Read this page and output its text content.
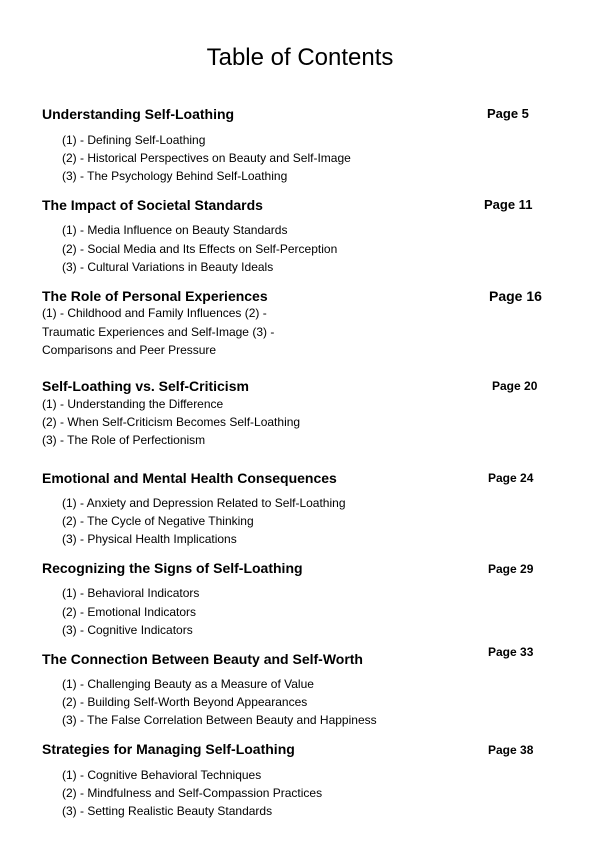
Table of Contents
Understanding Self-Loathing	Page 5
(1) - Defining Self-Loathing
(2) - Historical Perspectives on Beauty and Self-Image
(3) - The Psychology Behind Self-Loathing
The Impact of Societal Standards	Page 11
(1) - Media Influence on Beauty Standards
(2) - Social Media and Its Effects on Self-Perception
(3) - Cultural Variations in Beauty Ideals
The Role of Personal Experiences	Page 16
(1) - Childhood and Family Influences (2) -
Traumatic Experiences and Self-Image (3) -
Comparisons and Peer Pressure
Self-Loathing vs. Self-Criticism	Page 20
(1) - Understanding the Difference
(2) - When Self-Criticism Becomes Self-Loathing
(3) - The Role of Perfectionism
Emotional and Mental Health Consequences	Page 24
(1) - Anxiety and Depression Related to Self-Loathing
(2) - The Cycle of Negative Thinking
(3) - Physical Health Implications
Recognizing the Signs of Self-Loathing	Page 29
(1) - Behavioral Indicators
(2) - Emotional Indicators
(3) - Cognitive Indicators
The Connection Between Beauty and Self-Worth	Page 33
(1) - Challenging Beauty as a Measure of Value
(2) - Building Self-Worth Beyond Appearances
(3) - The False Correlation Between Beauty and Happiness
Strategies for Managing Self-Loathing	Page 38
(1) - Cognitive Behavioral Techniques
(2) - Mindfulness and Self-Compassion Practices
(3) - Setting Realistic Beauty Standards
